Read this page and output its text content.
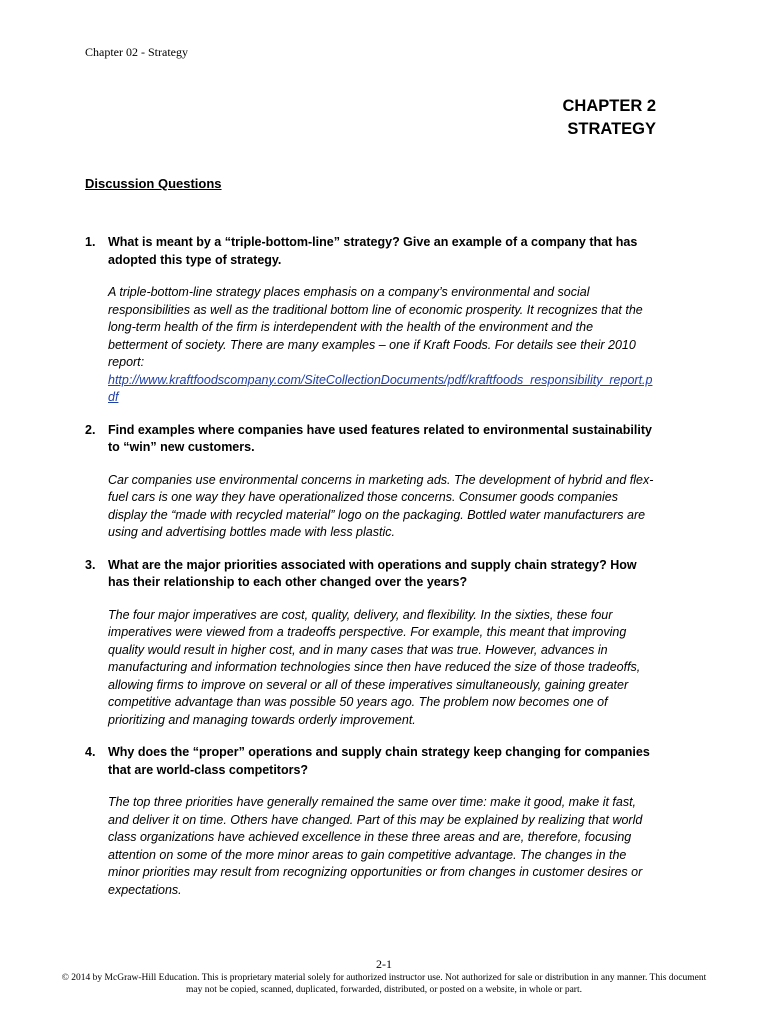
Chapter 02 - Strategy
CHAPTER 2
STRATEGY
Discussion Questions
1. What is meant by a “triple-bottom-line” strategy? Give an example of a company that has adopted this type of strategy.

A triple-bottom-line strategy places emphasis on a company’s environmental and social responsibilities as well as the traditional bottom line of economic prosperity. It recognizes that the long-term health of the firm is interdependent with the health of the environment and the betterment of society. There are many examples – one if Kraft Foods. For details see their 2010 report:
http://www.kraftfoodscompany.com/SiteCollectionDocuments/pdf/kraftfoods_responsibility_report.pdf
2. Find examples where companies have used features related to environmental sustainability to “win” new customers.

Car companies use environmental concerns in marketing ads. The development of hybrid and flex-fuel cars is one way they have operationalized those concerns. Consumer goods companies display the “made with recycled material” logo on the packaging. Bottled water manufacturers are using and advertising bottles made with less plastic.

3. What are the major priorities associated with operations and supply chain strategy? How has their relationship to each other changed over the years?

The four major imperatives are cost, quality, delivery, and flexibility. In the sixties, these four imperatives were viewed from a tradeoffs perspective. For example, this meant that improving quality would result in higher cost, and in many cases that was true. However, advances in manufacturing and information technologies since then have reduced the size of those tradeoffs, allowing firms to improve on several or all of these imperatives simultaneously, gaining greater competitive advantage than was possible 50 years ago. The problem now becomes one of prioritizing and managing towards orderly improvement.

4. Why does the “proper” operations and supply chain strategy keep changing for companies that are world-class competitors?

The top three priorities have generally remained the same over time: make it good, make it fast, and deliver it on time. Others have changed. Part of this may be explained by realizing that world class organizations have achieved excellence in these three areas and are, therefore, focusing attention on some of the more minor areas to gain competitive advantage. The changes in the minor priorities may result from recognizing opportunities or from changes in customer desires or expectations.

2-1
© 2014 by McGraw-Hill Education. This is proprietary material solely for authorized instructor use. Not authorized for sale or distribution in any manner. This document may not be copied, scanned, duplicated, forwarded, distributed, or posted on a website, in whole or part.
